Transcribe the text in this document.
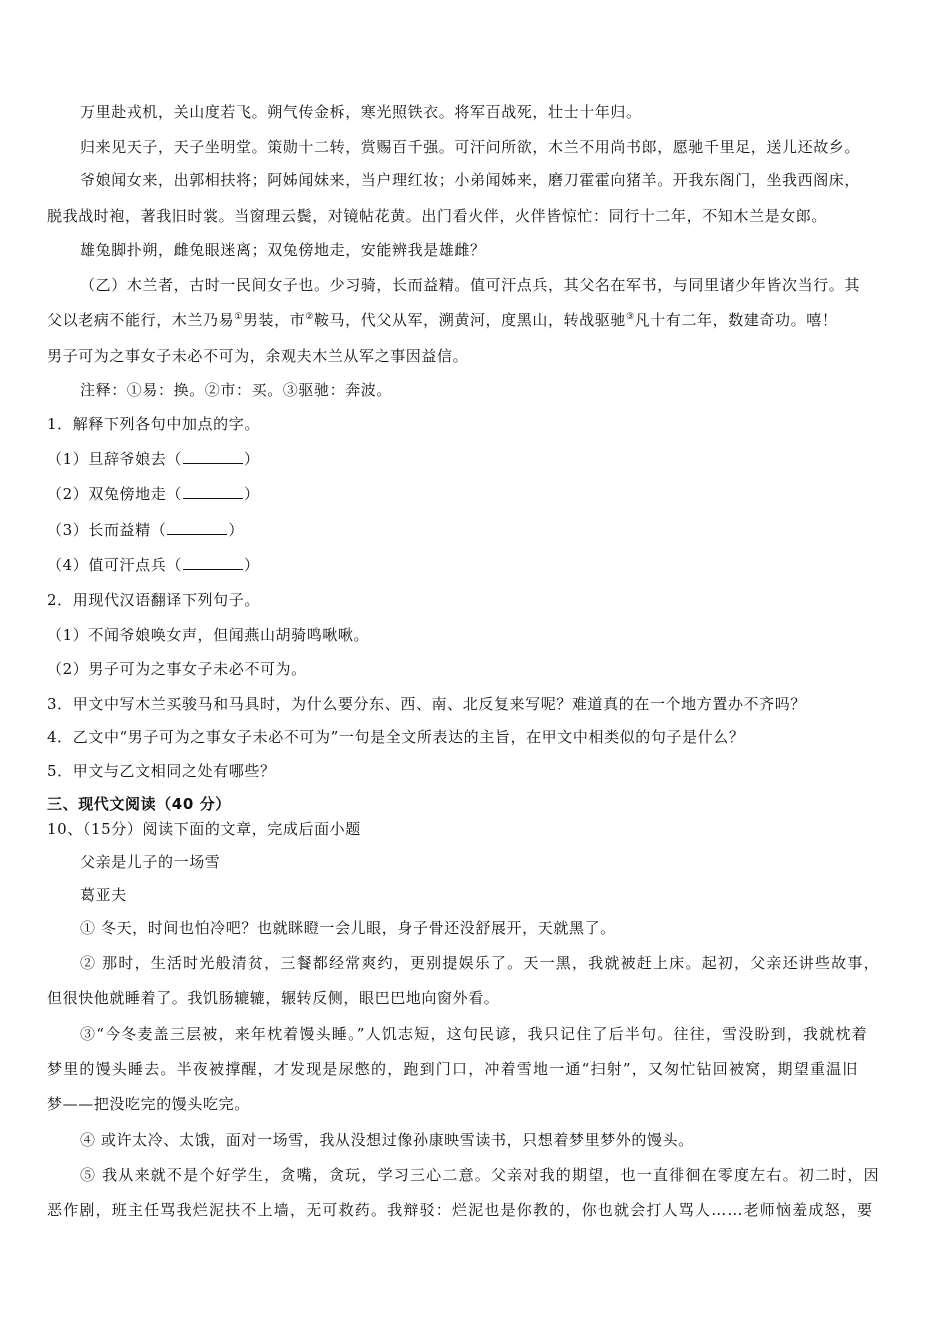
万里赴戎机，关山度若飞。朔气传金柝，寒光照铁衣。将军百战死，壮士十年归。
归来见天子，天子坐明堂。策勋十二转，赏赐百千强。可汗问所欲，木兰不用尚书郎，愿驰千里足，送儿还故乡。
爷娘闻女来，出郭相扶将；阿姊闻妹来，当户理红妆；小弟闻姊来，磨刀霍霍向猪羊。开我东阁门，坐我西阁床，
脱我战时袍，著我旧时裳。当窗理云鬓，对镜帖花黄。出门看火伴，火伴皆惊忙：同行十二年，不知木兰是女郎。
雄兔脚扑朔，雌兔眼迷离；双兔傍地走，安能辨我是雄雌？
（乙）木兰者，古时一民间女子也。少习骑，长而益精。值可汗点兵，其父名在军书，与同里诸少年皆次当行。其
父以老病不能行，木兰乃易①男装，市②鞍马，代父从军，溯黄河，度黑山，转战驱驰③凡十有二年，数建奇功。嘻！
男子可为之事女子未必不可为，余观夫木兰从军之事因益信。
注释：①易：换。②市：买。③驱驰：奔波。
1．解释下列各句中加点的字。
（1）旦辞爷娘去（	）
（2）双兔傍地走（	）
（3）长而益精（	）
（4）值可汗点兵（	）
2．用现代汉语翻译下列句子。
（1）不闻爷娘唤女声，但闻燕山胡骑鸣啾啾。
（2）男子可为之事女子未必不可为。
3．甲文中写木兰买骏马和马具时，为什么要分东、西、南、北反复来写呢？难道真的在一个地方置办不齐吗？
4．乙文中“男子可为之事女子未必不可为”一句是全文所表达的主旨，在甲文中相类似的句子是什么？
5．甲文与乙文相同之处有哪些？
三、现代文阅读（40 分）
10、（15分）阅读下面的文章，完成后面小题
父亲是儿子的一场雪
葛亚夫
① 冬天，时间也怕冷吧？也就眯瞪一会儿眼，身子骨还没舒展开，天就黑了。
② 那时，生活时光般清贫，三餐都经常爽约，更别提娱乐了。天一黑，我就被赶上床。起初，父亲还讲些故事，
但很快他就睡着了。我饥肠辘辘，辗转反侧，眼巴巴地向窗外看。
③“今冬麦盖三层被，来年枕着馒头睡。”人饥志短，这句民谚，我只记住了后半句。往往，雪没盼到，我就枕着
梦里的馒头睡去。半夜被撑醒，才发现是尿憋的，跑到门口，冲着雪地一通“扫射”，又匆忙钻回被窝，期望重温旧
梦——把没吃完的馒头吃完。
④ 或许太冷、太饿，面对一场雪，我从没想过像孙康映雪读书，只想着梦里梦外的馒头。
⑤ 我从来就不是个好学生，贪嘴，贪玩，学习三心二意。父亲对我的期望，也一直徘徊在零度左右。初二时，因
恶作剧，班主任骂我烂泥扶不上墙，无可救药。我辩驳：烂泥也是你教的，你也就会打人骂人……老师恼羞成怒，要
